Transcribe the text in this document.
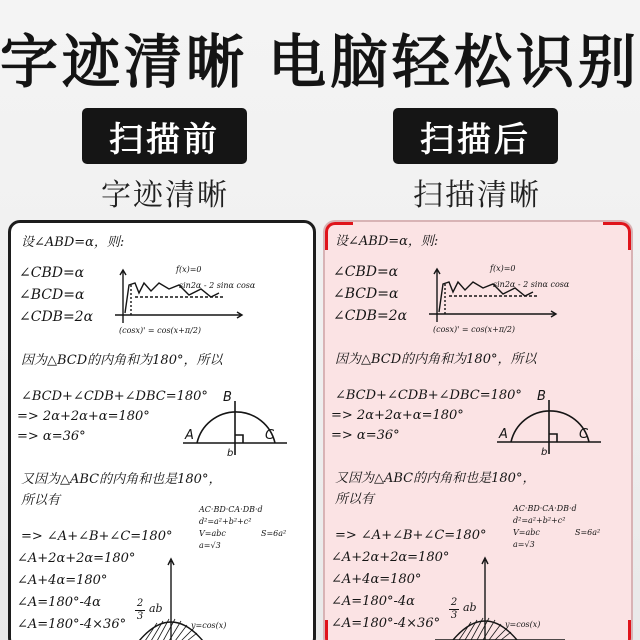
字迹清晰 电脑轻松识别
扫描前	扫描后
字迹清晰	扫描清晰
设∠ABD=α，则:
∠CBD=α
∠BCD=α
∠CDB=2α
f(x)=0
sin2α - 2 sinα cosα
(cosx)' = cos(x+π/2)
B
A	C
b
因为△BCD的内角和为180°，所以
∠BCD+∠CDB+∠DBC=180°
=> 2α+2α+α=180°
=> α=36°
又因为△ABC的内角和也是180°，
所以有
AC·BD·CA·DB·d
d²=a²+b²+c²
V=abc
a=√3
S=6a²
=> ∠A+∠B+∠C=180°
∠A+2α+2α=180°
∠A+4α=180°
∠A=180°-4α	2
3
ab
∠A=180°-4×36°	y=cos(x)
设∠ABD=α，则:
∠CBD=α
∠BCD=α
∠CDB=2α
f(x)=0
sin2α - 2 sinα cosα
(cosx)' = cos(x+π/2)
B
A	C
b
因为△BCD的内角和为180°，所以
∠BCD+∠CDB+∠DBC=180°
=> 2α+2α+α=180°
=> α=36°
又因为△ABC的内角和也是180°，
所以有
AC·BD·CA·DB·d
d²=a²+b²+c²
V=abc
a=√3
S=6a²
=> ∠A+∠B+∠C=180°
∠A+2α+2α=180°
∠A+4α=180°
∠A=180°-4α	2
3
ab
∠A=180°-4×36°	y=cos(x)
